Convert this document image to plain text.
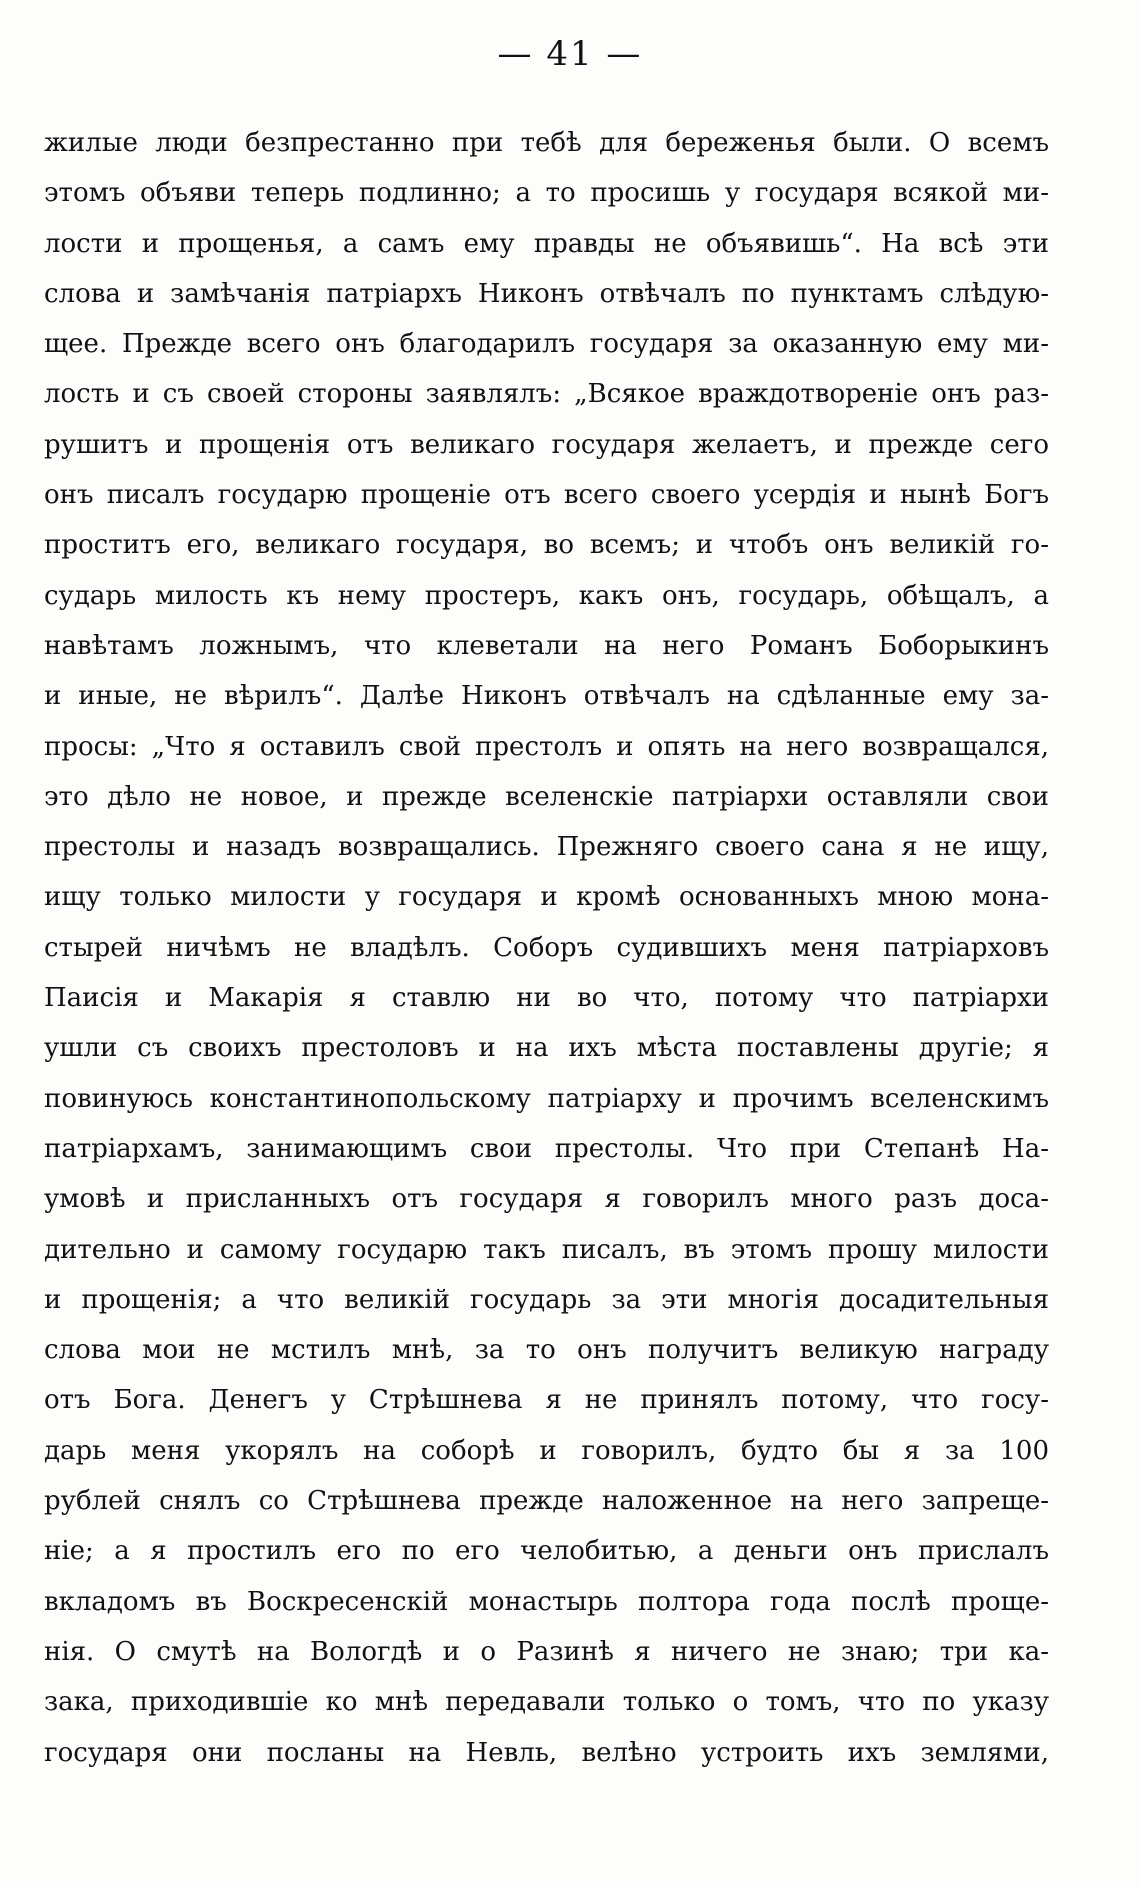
— 41 —
жилые люди безпрестанно при тебѣ для береженья были. О всемъ
этомъ объяви теперь подлинно; а то просишь у государя всякой ми-
лости и прощенья, а самъ ему правды не объявишь“. На всѣ эти
слова и замѣчанія патріархъ Никонъ отвѣчалъ по пунктамъ слѣдую-
щее. Прежде всего онъ благодарилъ государя за оказанную ему ми-
лость и съ своей стороны заявлялъ: „Всякое враждотвореніе онъ раз-
рушитъ и прощенія отъ великаго государя желаетъ, и прежде сего
онъ писалъ государю прощеніе отъ всего своего усердія и нынѣ Богъ
проститъ его, великаго государя, во всемъ; и чтобъ онъ великій го-
сударь милость къ нему простеръ, какъ онъ, государь, обѣщалъ, а
навѣтамъ ложнымъ, что клеветали на него Романъ Боборыкинъ
и иные, не вѣрилъ“. Далѣе Никонъ отвѣчалъ на сдѣланные ему за-
просы: „Что я оставилъ свой престолъ и опять на него возвращался,
это дѣло не новое, и прежде вселенскіе патріархи оставляли свои
престолы и назадъ возвращались. Прежняго своего сана я не ищу,
ищу только милости у государя и кромѣ основанныхъ мною мона-
стырей ничѣмъ не владѣлъ. Соборъ судившихъ меня патріарховъ
Паисія и Макарія я ставлю ни во что, потому что патріархи
ушли съ своихъ престоловъ и на ихъ мѣста поставлены другіе; я
повинуюсь константинопольскому патріарху и прочимъ вселенскимъ
патріархамъ, занимающимъ свои престолы. Что при Степанѣ На-
умовѣ и присланныхъ отъ государя я говорилъ много разъ доса-
дительно и самому государю такъ писалъ, въ этомъ прошу милости
и прощенія; а что великій государь за эти многія досадительныя
слова мои не мстилъ мнѣ, за то онъ получитъ великую награду
отъ Бога. Денегъ у Стрѣшнева я не принялъ потому, что госу-
дарь меня укорялъ на соборѣ и говорилъ, будто бы я за 100
рублей снялъ со Стрѣшнева прежде наложенное на него запреще-
ніе; а я простилъ его по его челобитью, а деньги онъ прислалъ
вкладомъ въ Воскресенскій монастырь полтора года послѣ проще-
нія. О смутѣ на Вологдѣ и о Разинѣ я ничего не знаю; три ка-
зака, приходившіе ко мнѣ передавали только о томъ, что по указу
государя они посланы на Невль, велѣно устроить ихъ землями,
